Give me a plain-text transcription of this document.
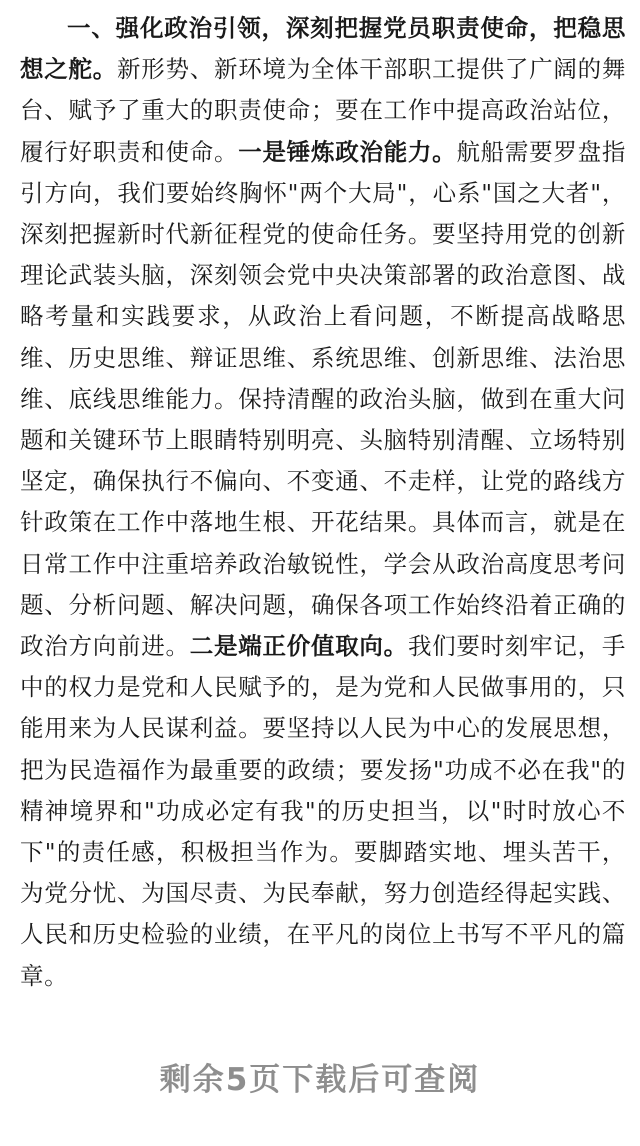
一、强化政治引领，深刻把握党员职责使命，把稳思想之舵。新形势、新环境为全体干部职工提供了广阔的舞台、赋予了重大的职责使命；要在工作中提高政治站位，履行好职责和使命。一是锤炼政治能力。航船需要罗盘指引方向，我们要始终胸怀"两个大局"，心系"国之大者"，深刻把握新时代新征程党的使命任务。要坚持用党的创新理论武装头脑，深刻领会党中央决策部署的政治意图、战略考量和实践要求，从政治上看问题，不断提高战略思维、历史思维、辩证思维、系统思维、创新思维、法治思维、底线思维能力。保持清醒的政治头脑，做到在重大问题和关键环节上眼睛特别明亮、头脑特别清醒、立场特别坚定，确保执行不偏向、不变通、不走样，让党的路线方针政策在工作中落地生根、开花结果。具体而言，就是在日常工作中注重培养政治敏锐性，学会从政治高度思考问题、分析问题、解决问题，确保各项工作始终沿着正确的政治方向前进。二是端正价值取向。我们要时刻牢记，手中的权力是党和人民赋予的，是为党和人民做事用的，只能用来为人民谋利益。要坚持以人民为中心的发展思想，把为民造福作为最重要的政绩；要发扬"功成不必在我"的精神境界和"功成必定有我"的历史担当，以"时时放心不下"的责任感，积极担当作为。要脚踏实地、埋头苦干，为党分忧、为国尽责、为民奉献，努力创造经得起实践、人民和历史检验的业绩，在平凡的岗位上书写不平凡的篇章。

剩余5页下载后可查阅
